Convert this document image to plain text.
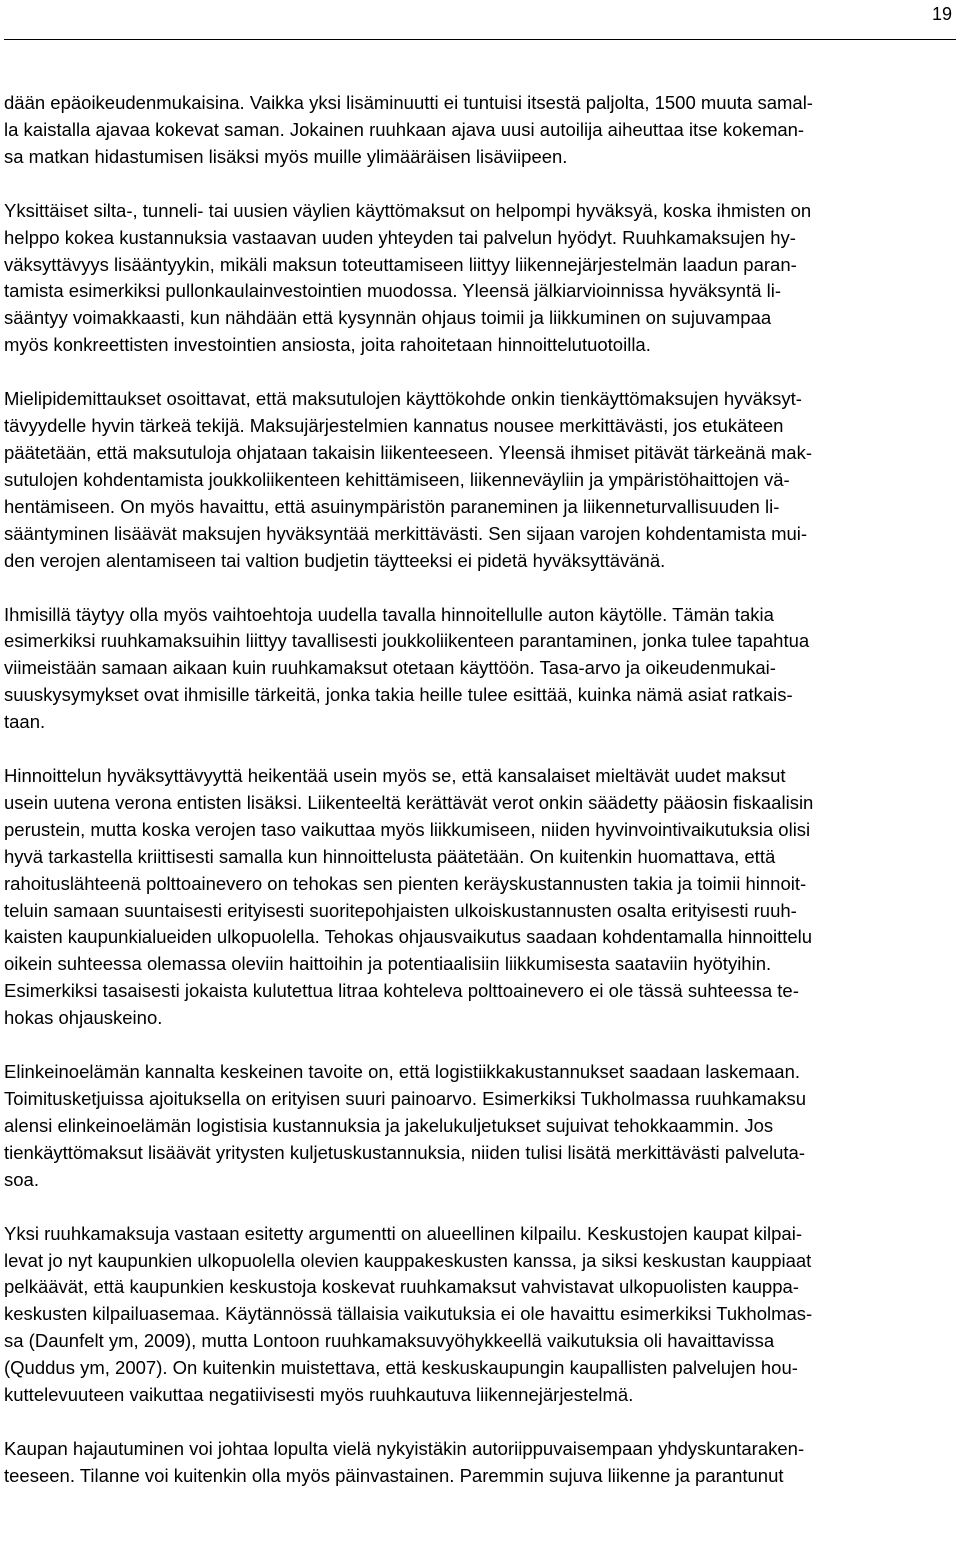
19

dään epäoikeudenmukaisina. Vaikka yksi lisäminuutti ei tuntuisi itsestä paljolta, 1500 muuta samal-
la kaistalla ajavaa kokevat saman. Jokainen ruuhkaan ajava uusi autoilija aiheuttaa itse kokeman-
sa matkan hidastumisen lisäksi myös muille ylimääräisen lisäviipeen.

Yksittäiset silta-, tunneli- tai uusien väylien käyttömaksut on helpompi hyväksyä, koska ihmisten on
helppo kokea kustannuksia vastaavan uuden yhteyden tai palvelun hyödyt. Ruuhkamaksujen hy-
väksyttävyys lisääntyykin, mikäli maksun toteuttamiseen liittyy liikennejärjestelmän laadun paran-
tamista esimerkiksi pullonkaulainvestointien muodossa. Yleensä jälkiarvioinnissa hyväksyntä li-
sääntyy voimakkaasti, kun nähdään että kysynnän ohjaus toimii ja liikkuminen on sujuvampaa
myös konkreettisten investointien ansiosta, joita rahoitetaan hinnoittelutuotoilla.

Mielipidemittaukset osoittavat, että maksutulojen käyttökohde onkin tienkäyttömaksujen hyväksyt-
tävyydelle hyvin tärkeä tekijä. Maksujärjestelmien kannatus nousee merkittävästi, jos etukäteen
päätetään, että maksutuloja ohjataan takaisin liikenteeseen. Yleensä ihmiset pitävät tärkeänä mak-
sutulojen kohdentamista joukkoliikenteen kehittämiseen, liikenneväyliin ja ympäristöhaittojen vä-
hentämiseen. On myös havaittu, että asuinympäristön paraneminen ja liikenneturvallisuuden li-
sääntyminen lisäävät maksujen hyväksyntää merkittävästi. Sen sijaan varojen kohdentamista mui-
den verojen alentamiseen tai valtion budjetin täytteeksi ei pidetä hyväksyttävänä.

Ihmisillä täytyy olla myös vaihtoehtoja uudella tavalla hinnoitellulle auton käytölle. Tämän takia
esimerkiksi ruuhkamaksuihin liittyy tavallisesti joukkoliikenteen parantaminen, jonka tulee tapahtua
viimeistään samaan aikaan kuin ruuhkamaksut otetaan käyttöön. Tasa-arvo ja oikeudenmukai-
suuskysymykset ovat ihmisille tärkeitä, jonka takia heille tulee esittää, kuinka nämä asiat ratkais-
taan.

Hinnoittelun hyväksyttävyyttä heikentää usein myös se, että kansalaiset mieltävät uudet maksut
usein uutena verona entisten lisäksi. Liikenteeltä kerättävät verot onkin säädetty pääosin fiskaalisin
perustein, mutta koska verojen taso vaikuttaa myös liikkumiseen, niiden hyvinvointivaikutuksia olisi
hyvä tarkastella kriittisesti samalla kun hinnoittelusta päätetään. On kuitenkin huomattava, että
rahoituslähteenä polttoainevero on tehokas sen pienten keräyskustannusten takia ja toimii hinnoit-
teluin samaan suuntaisesti erityisesti suoritepohjaisten ulkoiskustannusten osalta erityisesti ruuh-
kaisten kaupunkialueiden ulkopuolella. Tehokas ohjausvaikutus saadaan kohdentamalla hinnoittelu
oikein suhteessa olemassa oleviin haittoihin ja potentiaalisiin liikkumisesta saataviin hyötyihin.
Esimerkiksi tasaisesti jokaista kulutettua litraa kohteleva polttoainevero ei ole tässä suhteessa te-
hokas ohjauskeino.

Elinkeinoelämän kannalta keskeinen tavoite on, että logistiikkakustannukset saadaan laskemaan.
Toimitusketjuissa ajoituksella on erityisen suuri painoarvo. Esimerkiksi Tukholmassa ruuhkamaksu
alensi elinkeinoelämän logistisia kustannuksia ja jakelukuljetukset sujuivat tehokkaammin. Jos
tienkäyttömaksut lisäävät yritysten kuljetuskustannuksia, niiden tulisi lisätä merkittävästi palveluta-
soa.

Yksi ruuhkamaksuja vastaan esitetty argumentti on alueellinen kilpailu. Keskustojen kaupat kilpai-
levat jo nyt kaupunkien ulkopuolella olevien kauppakeskusten kanssa, ja siksi keskustan kauppiaat
pelkäävät, että kaupunkien keskustoja koskevat ruuhkamaksut vahvistavat ulkopuolisten kauppa-
keskusten kilpailuasemaa. Käytännössä tällaisia vaikutuksia ei ole havaittu esimerkiksi Tukholmas-
sa (Daunfelt ym, 2009), mutta Lontoon ruuhkamaksuvyöhykkeellä vaikutuksia oli havaittavissa
(Quddus ym, 2007). On kuitenkin muistettava, että keskuskaupungin kaupallisten palvelujen hou-
kuttelevuuteen vaikuttaa negatiivisesti myös ruuhkautuva liikennejärjestelmä.

Kaupan hajautuminen voi johtaa lopulta vielä nykyistäkin autoriippuvaisempaan yhdyskuntaraken-
teeseen. Tilanne voi kuitenkin olla myös päinvastainen. Paremmin sujuva liikenne ja parantunut
